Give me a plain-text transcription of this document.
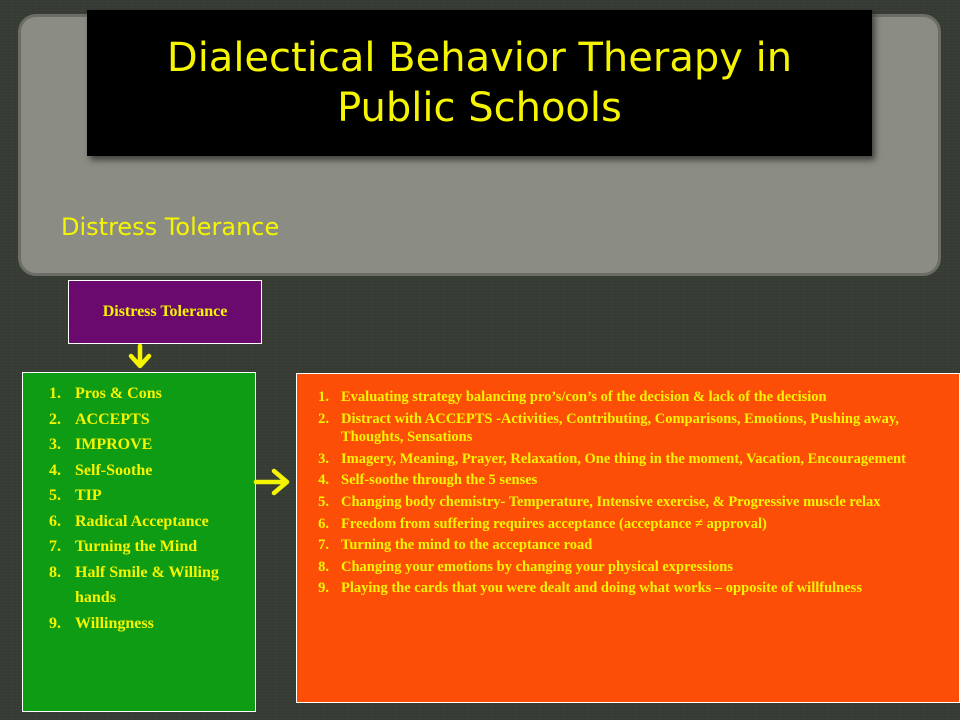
Distress Tolerance
Dialectical Behavior Therapy in Public Schools
Distress Tolerance
1. Pros & Cons
2. ACCEPTS
3. IMPROVE
4. Self-Soothe
5. TIP
6. Radical Acceptance
7. Turning the Mind
8. Half Smile & Willing hands
9. Willingness
1. Evaluating strategy balancing pro’s/con’s of the decision & lack of the decision
2. Distract with ACCEPTS -Activities, Contributing, Comparisons, Emotions, Pushing away, Thoughts, Sensations
3. Imagery, Meaning, Prayer, Relaxation, One thing in the moment, Vacation, Encouragement
4. Self-soothe through the 5 senses
5. Changing body chemistry- Temperature, Intensive exercise, & Progressive muscle relax
6. Freedom from suffering requires acceptance (acceptance ≠ approval)
7. Turning the mind to the acceptance road
8. Changing your emotions by changing your physical expressions
9. Playing the cards that you were dealt and doing what works – opposite of willfulness
